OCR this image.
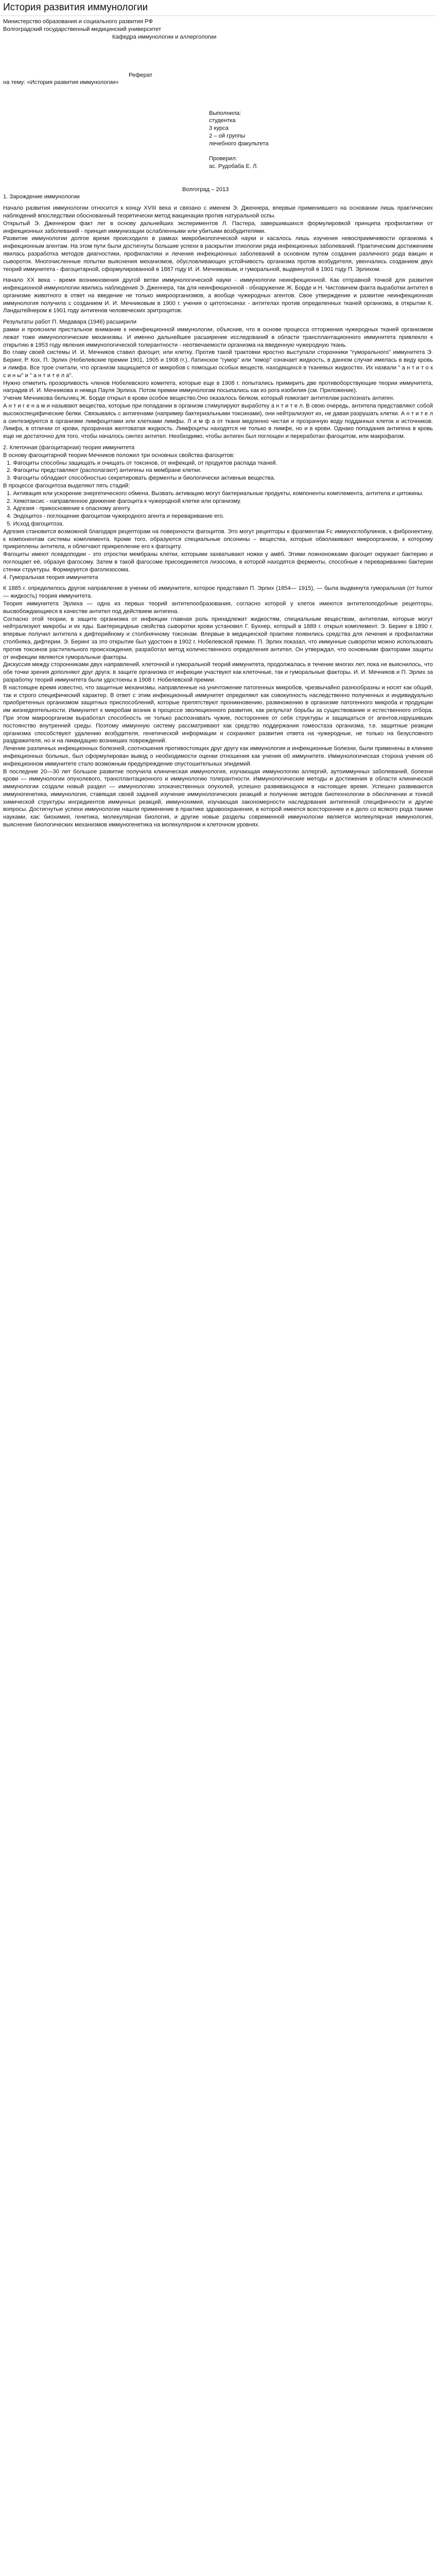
История развития иммунологии
Министерство образования и социального развития РФ
Волгоградский государственный медицинский университет
Кафедра иммунологии и аллергологии
Реферат
на тему: «История развития иммунологии»
Выполнила:
студентка
3 курса
2 – ой группы
лечебного факультета
Проверил:
ас. Рудобаба Е. Л.
Волгоград – 2013
1. Зарождение иммунологии
Начало развития иммунологии относится к концу XVIII века и связано с именем Э. Дженнера, впервые применившего на основании лишь практических наблюдений впоследствии обоснованный теоретически метод вакцинации против натуральной оспы.
Открытый Э. Дженнером факт лег в основу дальнейших экспериментов Л. Пастера, завершившихся формулировкой принципа профилактики от инфекционных заболеваний - принцип иммунизации ослабленными или убитыми возбудителями.
Развитие иммунологии долгое время происходило в рамках микробиологической науки и касалось лишь изучения невосприимчивости организма к инфекционным агентам. На этом пути были достигнуты большие успехи в раскрытии этиологии ряда инфекционных заболеваний. Практическим достижением явилась разработка методов диагностики, профилактики и лечения инфекционных заболеваний в основном путем создания различного рода вакцин и сывороток. Многочисленные попытки выяснения механизмов, обусловливающих устойчивость организма против возбудителя, увенчались созданием двух теорий иммунитета - фагоцитарной, сформулированной в 1887 году И. И. Мечниковым, и гуморальной, выдвинутой в 1901 году П. Эрлихом.
Начало XX века - время возникновения другой ветви иммунологической науки - иммунологии неинфекционной. Как отправной точкой для развития инфекционной иммунологии явились наблюдения Э. Дженнера, так для неинфекционной - обнаружение Ж. Борде и Н. Чистовичем факта выработки антител в организме животного в ответ на введение не только микроорганизмов, а вообще чужеродных агентов. Свое утверждение и развитие неинфекционная иммунология получила с созданием И. И. Мечниковым в 1900 г. учения о цитотоксинах - антителах против определенных тканей организма, в открытии К. Ландштейнером в 1901 году антигенов человеческих эритроцитов.
Результаты работ П. Медавара (1946) расширили
рамки и прояснили пристальное внимание к неинфекционной иммунологии, объяснив, что в основе процесса отторжения чужеродных тканей организмом лежат тоже иммунологические механизмы. И именно дальнейшее расширение исследований в области трансплантационного иммунитета привлекло к открытию в 1953 году явления иммунологической толерантности - неотвечаемости организма на введенную чужеродную ткань.
Во главу своей системы И. И. Мечников ставил фагоцит, или клетку. Против такой трактовки яростно выступали сторонники "гуморального" иммунитета Э. Беринг, Р. Кох, П. Эрлих (Нобелевские премии 1901, 1905 и 1908 гг.). Латинское "гумор" или "юмор" означает жидкость, в данном случае имелась в виду кровь и лимфа. Все трое считали, что организм защищается от микробов с помощью особых веществ, находящихся в тканевых жидкостях. Их назвали " а н т и т о к с и н ы" и " а н т и т е л а".
Нужно отметить прозорливость членов Нобелевского комитета, которые еще в 1908 г. попытались примирить две противоборствующие теории иммунитета, наградив И. И. Мечникова и немца Пауля Эрлиха. Потом премии иммунологам посыпались как из рога изобилия (см. Приложение).
Ученик Мечникова бельгиец Ж. Борде открыл в крови особое вещество.Оно оказалось белком, который помогает антителам распознать антиген.
А н т и г е н а м и называют вещества, которые при попадании в организм стимулируют выработку а н т и т е л. В свою очередь, антитела представляют собой высокоспецифические белки. Связываясь с антигенами (например бактериальными токсинами), они нейтрализуют их, не давая разрушать клетки. А н т и т е л а синтезируются в организме лимфоцитами или клетками лимфы. Л и м ф а от ткани медленно чистая и прозрачную воду подданных клеток и источников. Лимфа, в отличии от крови, прозрачная желтоватая жидкость. Лимфоциты находятся не только в лимфе, но и в крови. Однако попадания антигена в кровь еще не достаточно для того, чтобы началось синтез антител. Необходимо, чтобы антиген был поглощен и переработан фагоцитом, или макрофагом.
2. Клеточная (фагоцитарная) теория иммунитета
В основу фагоцитарной теории Мечников положил три основных свойства фагоцитов:
1. Фагоциты способны защищать и очищать от токсинов, от инфекций, от продуктов распада тканей.
2. Фагоциты представляют (располагают) антигены на мембране клетки.
3. Фагоциты обладают способностью секретировать ферменты и биологически активные вещества.
В процессе фагоцитоза выделяют пять стадий:
1. Активация или ускорение энергетического обмена. Вызвать активацию могут бактериальные продукты, компоненты комплемента, антитела и цитокины.
2. Хемотаксис - направленное движение фагоцита к чужеродной клетке или организму.
3. Адгезия - прикосновение к опасному агенту.
4. Эндоцитоз - поглощение фагоцитом чужеродного агента и переваривание его.
5. Исход фагоцитоза.
Адгезия становится возможной благодаря рецепторам на поверхности фагоцитов. Это могут рецепторы к фрагментам Fc иммуноглобулинов, к фибронектину, к компонентам системы комплемента. Кроме того, образуются специальные опсонины – вещества, которые обволакивают микроорганизм, к которому прикреплены антитела, и облегчают прикрепление его к фагоциту.
Фагоциты имеют псевдоподии - это отростки мембраны клетки, которыми захватывают ножки у амёб. Этими ложноножками фагоцит окружает бактерию и поглощает её, образуя фагосому. Затем в такой фагосоме присоединяется лизосома, в которой находятся ферменты, способные к перевариванию бактерии стенки структуры. Формируется фаголизосома.
4. Гуморальная теория иммунитета
К 1885 г. определилось другое направление в учении об иммунитете, которое представил П. Эрлих (1854— 1915), — была выдвинута гуморальная (от humor — жидкость) теория иммунитета.
Теория иммунитета Эрлиха — одна из первых теорий антителообразования, согласно которой у клеток имеются антителоподобные рецепторы, высвобождающиеся в качестве антител под действием антигена.
Согласно этой теории, в защите организма от инфекции главная роль принадлежит жидкостям, специальным веществам, антителам, которые могут нейтрализуют микробы и их яды. Бактерицидные свойства сыворотки крови установил Г. Бухнер, который в 1889 г. открыл комплемент. Э. Беринг в 1890 г. впервые получил антитела к дифтерийному и столбнячному токсинам. Впервые в медицинской практике появились средства для лечения и профилактики столбняка, дифтерии. Э. Беринг за это открытие был удостоен в 1902 г. Нобелевской премии. П. Эрлих показал, что иммунные сыворотки можно использовать против токсинов растительного происхождения, разработал метод количественного определения антител. Он утверждал, что основными факторами защиты от инфекции являются гуморальные факторы.
Дискуссия между сторонниками двух направлений, клеточной и гуморальной теорий иммунитета, продолжалась в течение многих лет, пока не выяснилось, что обе точки зрения дополняют друг друга: в защите организма от инфекции участвуют как клеточные, так и гуморальные факторы. И. И. Мечников и П. Эрлих за разработку теорий иммунитета были удостоены в 1908 г. Нобелевской премии.
В настоящее время известно, что защитные механизмы, направленные на уничтожение патогенных микробов, чрезвычайно разнообразны и носят как общий, так и строго специфический характер. В ответ с этим инфекционный иммунитет определяют как совокупность наследственно полученных и индивидуально приобретенных организмом защитных приспособлений, которые препятствуют проникновению, размножению в организме патогенного микроба и продукции им жизнедеятельности. Иммунитет к микробам возник в процессе эволюционного развития, как результат борьбы за существование и естественного отбора. При этом макроорганизм выработал способность не только распознавать чужие, постороннее от себя структуры и защищаться от агентов,нарушивших постоянство внутренней среды. Поэтому иммунную систему рассматривают как средство поддержания гомеостаза организма, т.е. защитные реакции организма способствуют удалению возбудителя, генетической информации и сохраняют развития ответа на чужеродные, не только на безусловного раздражителя, но и на ликвидацию возникших повреждений.
Лечение различных инфекционных болезней, соотношения противостоящих друг другу как иммунология и инфекционные болезни, были применены в клинике инфекционных больных, был сформулирован вывод о необходимости оценки отношения как учения об иммунитете. Иммунологическая сторона учения об инфекционном иммунитете стало возможным предупреждение опустошительных эпидемий.
В последние 20—30 лет большое развитие получила клиническая иммунология, изучающая иммунологию аллергий, аутоиммунных заболеваний, болезни крови — иммунологии опухолевого, трансплантационного и иммунологию толерантности. Иммунологические методы и достижения в области клинической иммунологии создали новый раздел — иммунологию злокачественных опухолей, успешно развивающуюся в настоящее время. Успешно развиваются иммуногенетика, иммунология, ставящая своей задачей изучение иммунологических реакций и получение методов биотехнологии в обеспечении и тонкой химической структуры ингредиентов иммунных реакций, иммунохимия, изучающая закономерности наследования антигенной специфичности и другие вопросы. Достигнутые успехи иммунологии нашли применение в практике здравоохранения, в которой имеется всестороннее и в дело со всякого рода такими науками, как: биохимия, генетика, молекулярная биология, и другие новые разделы современной иммунологии является молекулярная иммунология, выяснение биологических механизмов иммуногенетика на молекулярном и клеточном уровнях.
